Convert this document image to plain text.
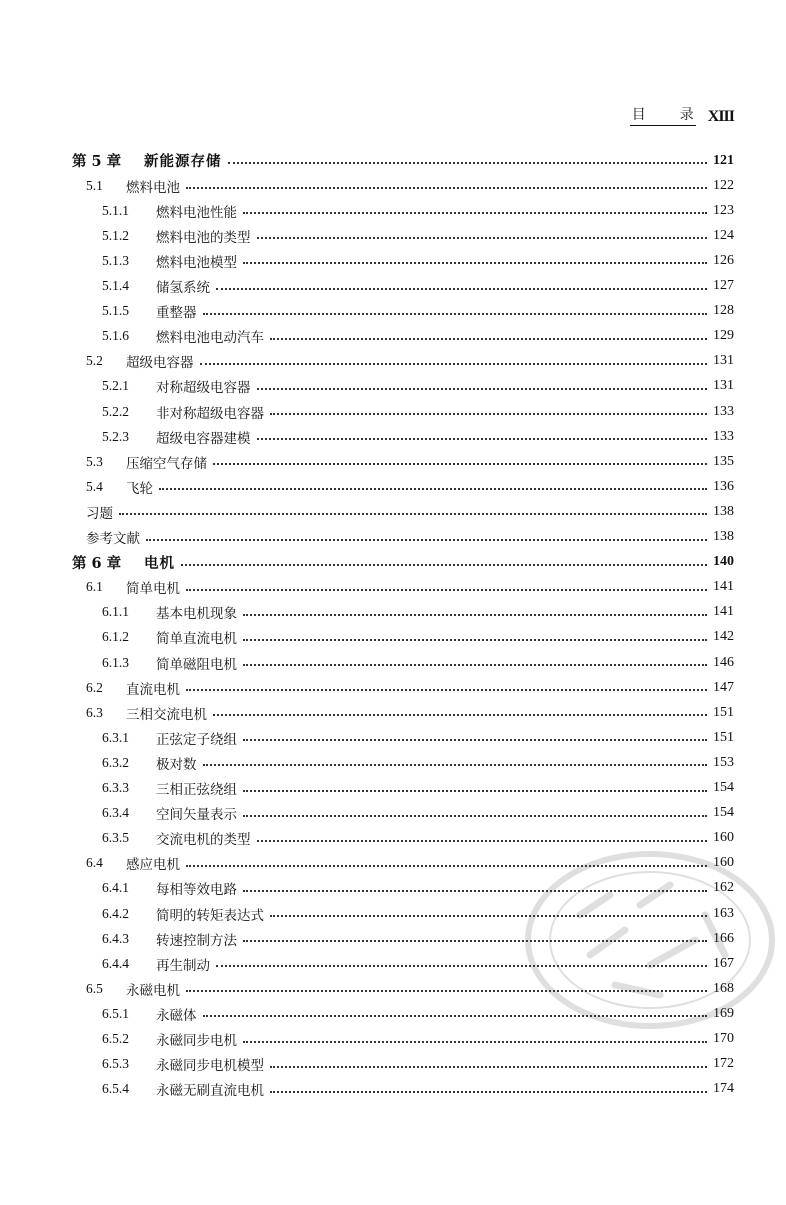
目 录 XIII
第 5 章	新能源存储	121
5.1	燃料电池	122
5.1.1	燃料电池性能	123
5.1.2	燃料电池的类型	124
5.1.3	燃料电池模型	126
5.1.4	储氢系统	127
5.1.5	重整器	128
5.1.6	燃料电池电动汽车	129
5.2	超级电容器	131
5.2.1	对称超级电容器	131
5.2.2	非对称超级电容器	133
5.2.3	超级电容器建模	133
5.3	压缩空气存储	135
5.4	飞轮	136
习题	138
参考文献	138
第 6 章	电机	140
6.1	简单电机	141
6.1.1	基本电机现象	141
6.1.2	简单直流电机	142
6.1.3	简单磁阻电机	146
6.2	直流电机	147
6.3	三相交流电机	151
6.3.1	正弦定子绕组	151
6.3.2	极对数	153
6.3.3	三相正弦绕组	154
6.3.4	空间矢量表示	154
6.3.5	交流电机的类型	160
6.4	感应电机	160
6.4.1	每相等效电路	162
6.4.2	简明的转矩表达式	163
6.4.3	转速控制方法	166
6.4.4	再生制动	167
6.5	永磁电机	168
6.5.1	永磁体	169
6.5.2	永磁同步电机	170
6.5.3	永磁同步电机模型	172
6.5.4	永磁无刷直流电机	174
